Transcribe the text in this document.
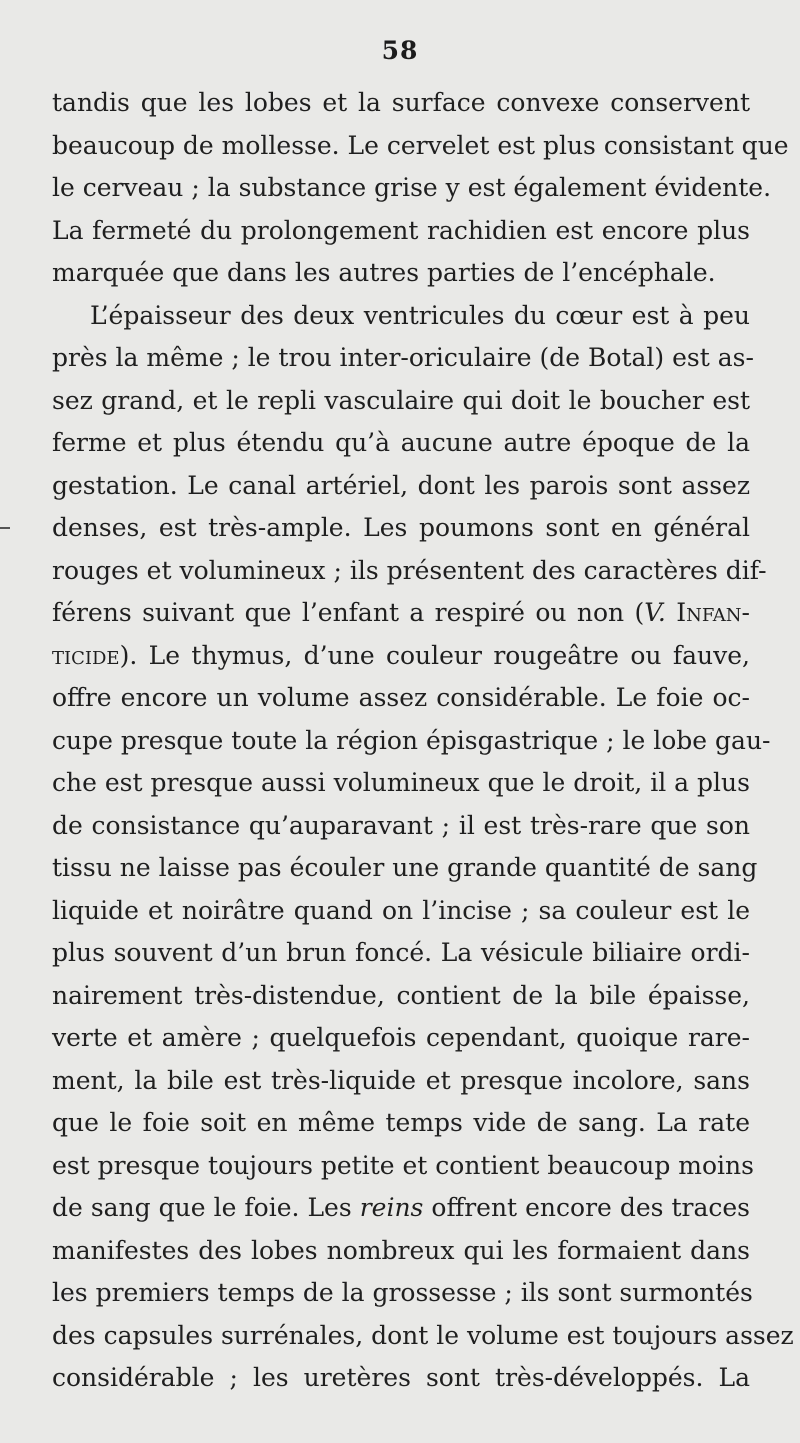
58
tandis que les lobes et la surface convexe conservent
beaucoup de mollesse. Le cervelet est plus consistant que
le cerveau ; la substance grise y est également évidente.
La fermeté du prolongement rachidien est encore plus
marquée que dans les autres parties de l’encéphale.
L’épaisseur des deux ventricules du cœur est à peu
près la même ; le trou inter-oriculaire (de Botal) est as-
sez grand, et le repli vasculaire qui doit le boucher est
ferme et plus étendu qu’à aucune autre époque de la
gestation. Le canal artériel, dont les parois sont assez
denses, est très-ample. Les poumons sont en général
rouges et volumineux ; ils présentent des caractères dif-
férens suivant que l’enfant a respiré ou non (V. Infan-
ticide). Le thymus, d’une couleur rougeâtre ou fauve,
offre encore un volume assez considérable. Le foie oc-
cupe presque toute la région épisgastrique ; le lobe gau-
che est presque aussi volumineux que le droit, il a plus
de consistance qu’auparavant ; il est très-rare que son
tissu ne laisse pas écouler une grande quantité de sang
liquide et noirâtre quand on l’incise ; sa couleur est le
plus souvent d’un brun foncé. La vésicule biliaire ordi-
nairement très-distendue, contient de la bile épaisse,
verte et amère ; quelquefois cependant, quoique rare-
ment, la bile est très-liquide et presque incolore, sans
que le foie soit en même temps vide de sang. La rate
est presque toujours petite et contient beaucoup moins
de sang que le foie. Les reins offrent encore des traces
manifestes des lobes nombreux qui les formaient dans
les premiers temps de la grossesse ; ils sont surmontés
des capsules surrénales, dont le volume est toujours assez
considérable ; les uretères sont très-développés. La
